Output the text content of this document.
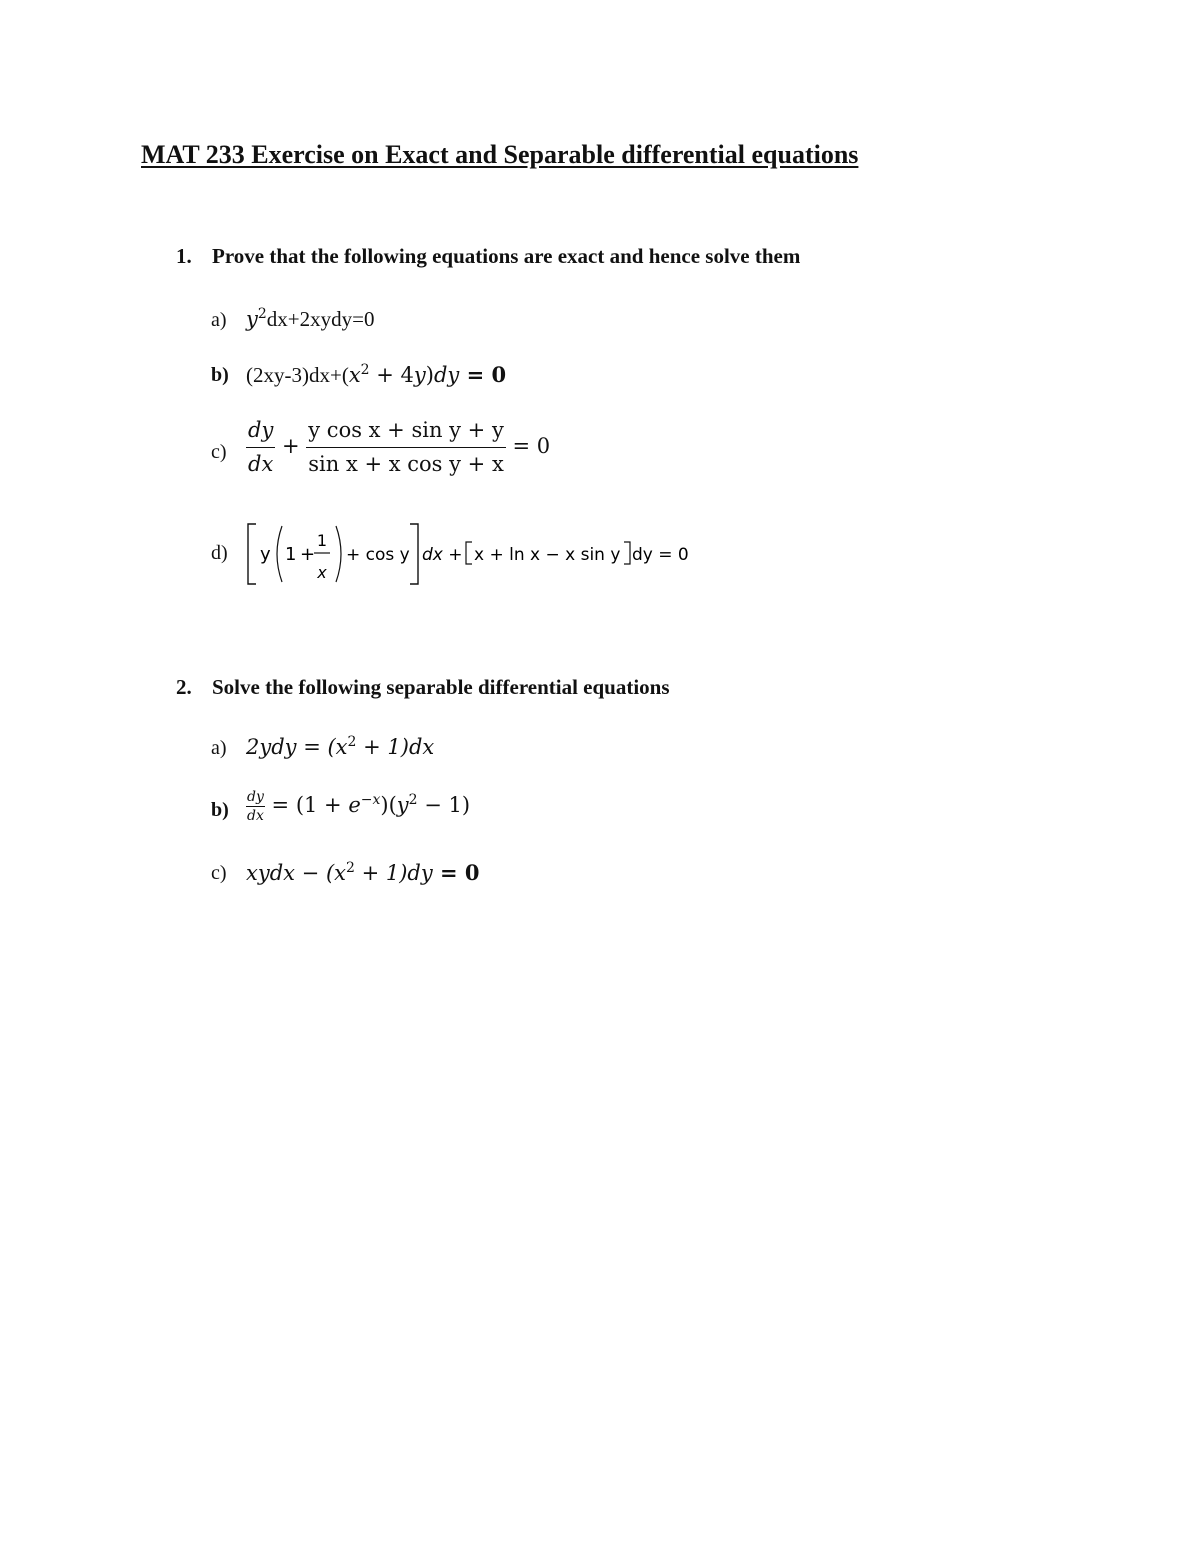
MAT 233 Exercise on Exact and Separable differential equations
1. Prove that the following equations are exact and hence solve them
a) $y^2dx+2xydy=0$
b) $(2xy-3)dx+(x^2 + 4y)dy = 0$
$c) \frac{dy}{dx} + \frac{\text{y cos x + sin y + y}}{\text{sin x + x cos y + x}} = 0$
d) y 1 +
1
x
+ cos y dx + x + ln x − x sin y dy = 0
2. Solve the following separable differential equations
a) $2ydy = (x^2 + 1)dx$
$b) \frac{dy}{dx} = (1 + e^{-x})(y^2 - 1)$
c) xydx − $(x^2 + 1)dy = 0$
